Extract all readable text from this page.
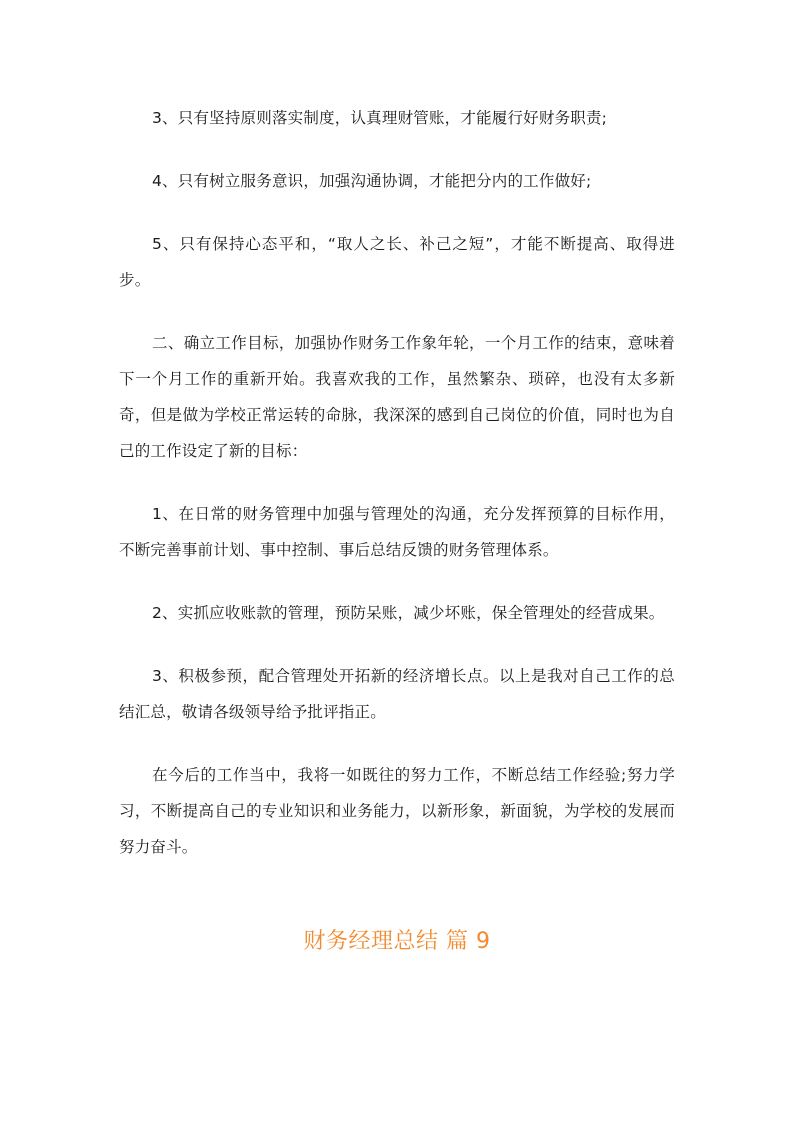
3、只有坚持原则落实制度，认真理财管账，才能履行好财务职责;

4、只有树立服务意识，加强沟通协调，才能把分内的工作做好;

5、只有保持心态平和，“取人之长、补己之短”，才能不断提高、取得进步。

二、确立工作目标，加强协作财务工作象年轮，一个月工作的结束，意味着下一个月工作的重新开始。我喜欢我的工作，虽然繁杂、琐碎，也没有太多新奇，但是做为学校正常运转的命脉，我深深的感到自己岗位的价值，同时也为自己的工作设定了新的目标：

1、在日常的财务管理中加强与管理处的沟通，充分发挥预算的目标作用，不断完善事前计划、事中控制、事后总结反馈的财务管理体系。

2、实抓应收账款的管理，预防呆账，减少坏账，保全管理处的经营成果。

3、积极参预，配合管理处开拓新的经济增长点。以上是我对自己工作的总结汇总，敬请各级领导给予批评指正。

在今后的工作当中，我将一如既往的努力工作，不断总结工作经验;努力学习，不断提高自己的专业知识和业务能力，以新形象，新面貌，为学校的发展而努力奋斗。

财务经理总结 篇 9
